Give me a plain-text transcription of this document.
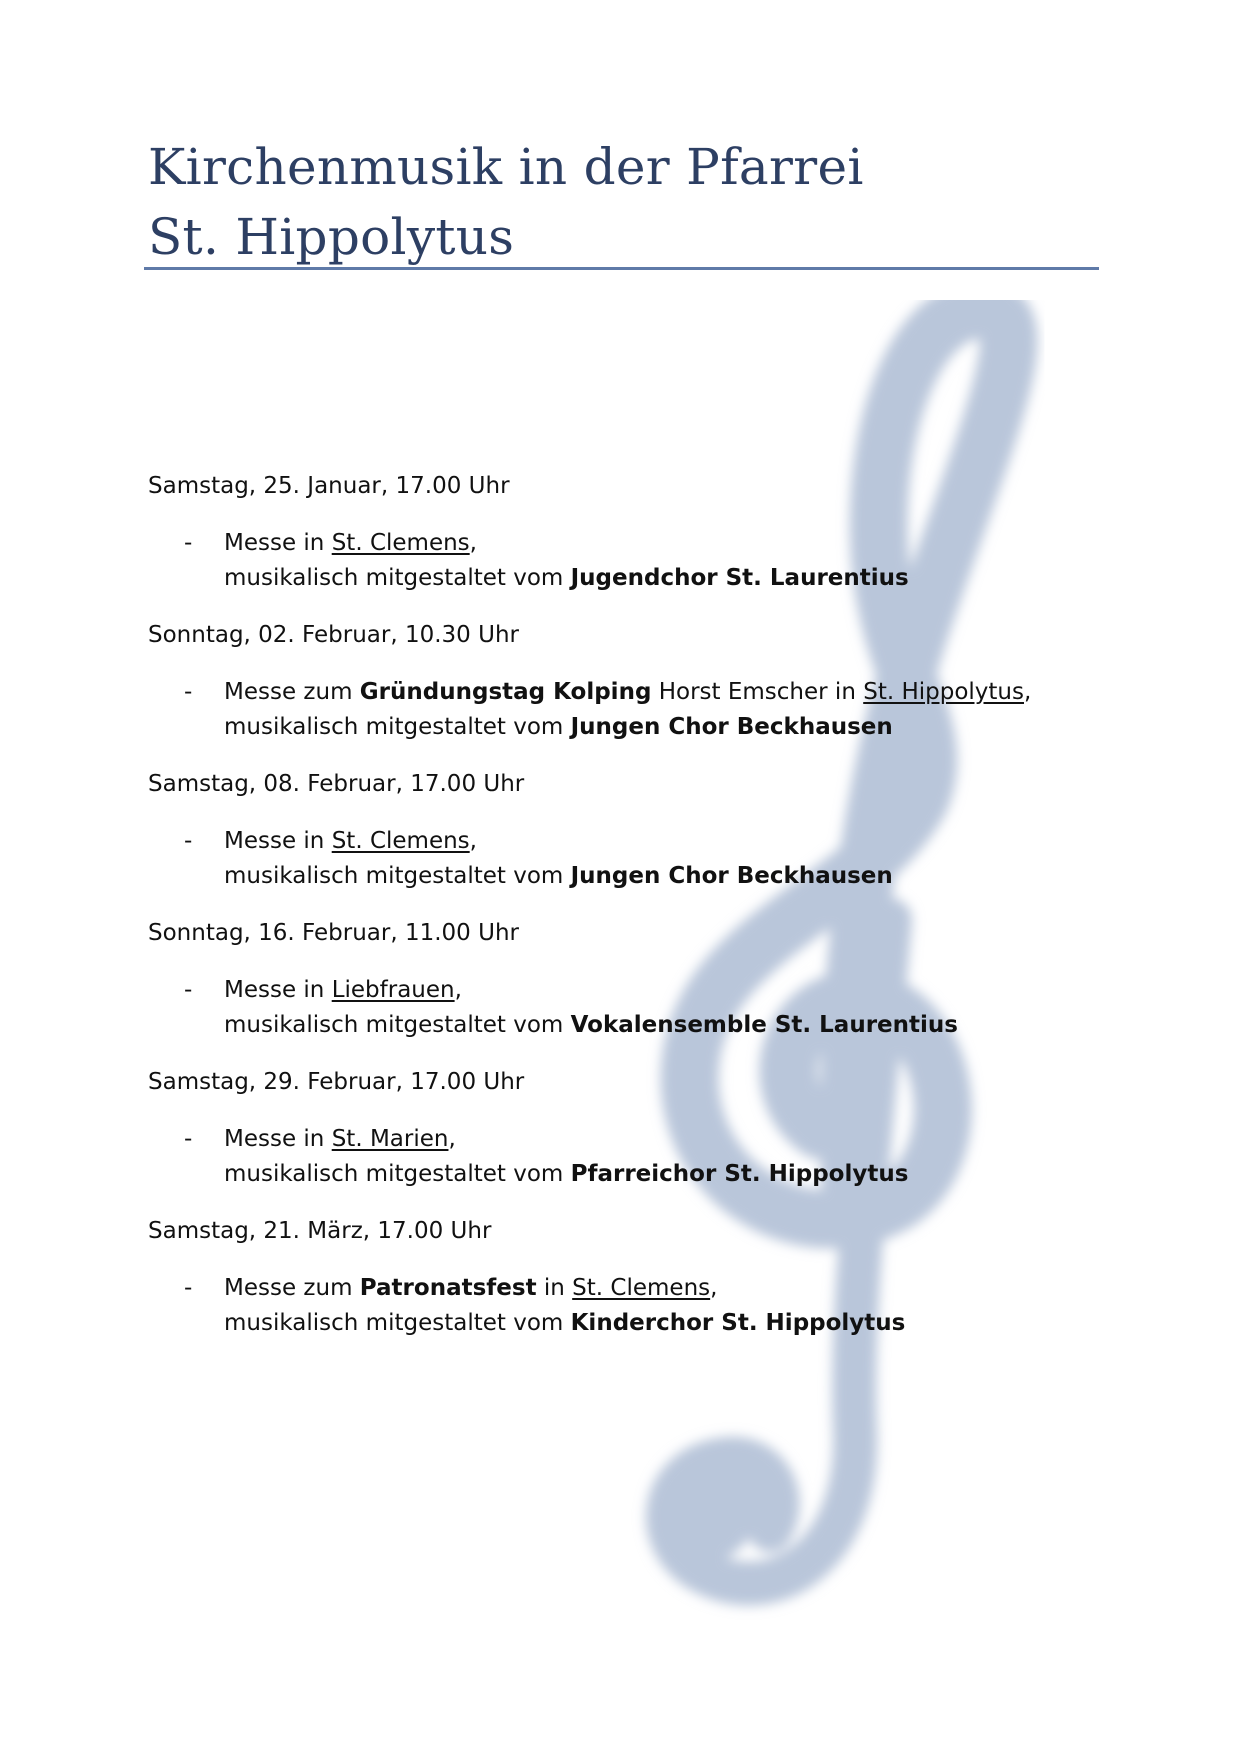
Kirchenmusik in der Pfarrei
St. Hippolytus
Samstag, 25. Januar, 17.00 Uhr
- Messe in St. Clemens,
musikalisch mitgestaltet vom Jugendchor St. Laurentius
Sonntag, 02. Februar, 10.30 Uhr
- Messe zum Gründungstag Kolping Horst Emscher in St. Hippolytus,
musikalisch mitgestaltet vom Jungen Chor Beckhausen
Samstag, 08. Februar, 17.00 Uhr
- Messe in St. Clemens,
musikalisch mitgestaltet vom Jungen Chor Beckhausen
Sonntag, 16. Februar, 11.00 Uhr
- Messe in Liebfrauen,
musikalisch mitgestaltet vom Vokalensemble St. Laurentius
Samstag, 29. Februar, 17.00 Uhr
- Messe in St. Marien,
musikalisch mitgestaltet vom Pfarreichor St. Hippolytus
Samstag, 21. März, 17.00 Uhr
- Messe zum Patronatsfest in St. Clemens,
musikalisch mitgestaltet vom Kinderchor St. Hippolytus
